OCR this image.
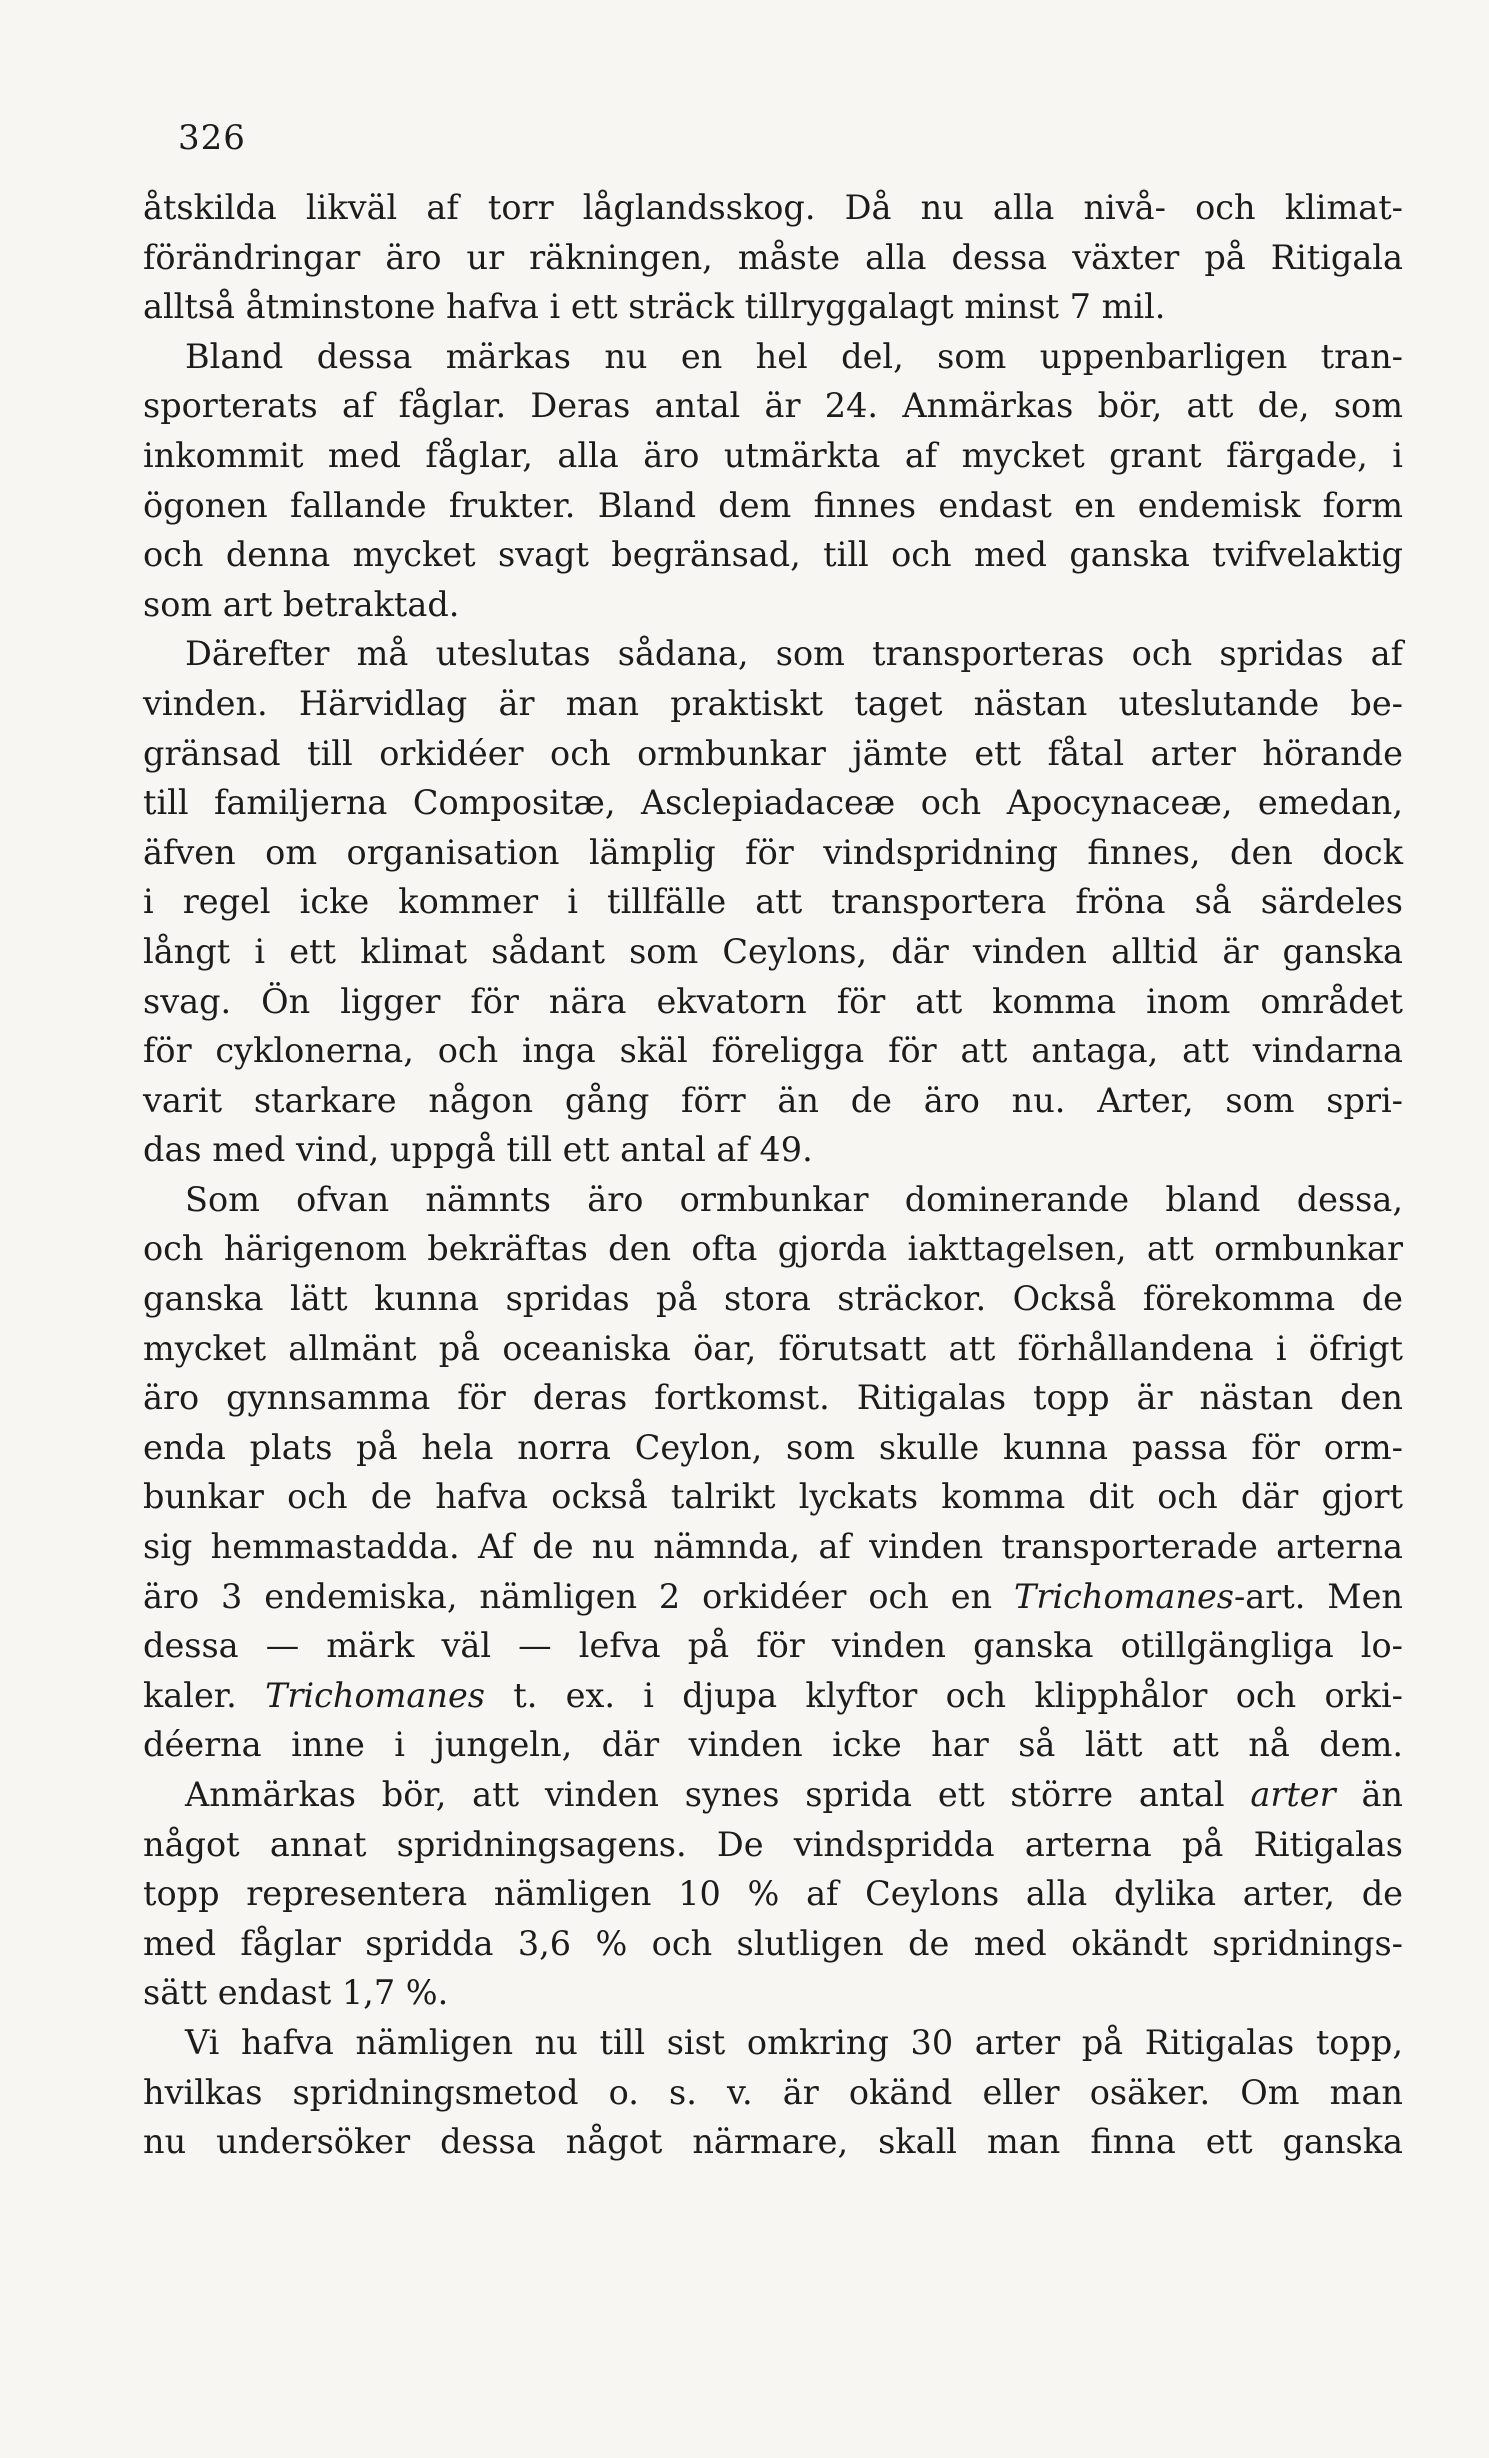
326
åtskilda likväl af torr låglandsskog. Då nu alla nivå- och klimat-
förändringar äro ur räkningen, måste alla dessa växter på Ritigala
alltså åtminstone hafva i ett sträck tillryggalagt minst 7 mil.
Bland dessa märkas nu en hel del, som uppenbarligen tran-
sporterats af fåglar. Deras antal är 24. Anmärkas bör, att de, som
inkommit med fåglar, alla äro utmärkta af mycket grant färgade, i
ögonen fallande frukter. Bland dem finnes endast en endemisk form
och denna mycket svagt begränsad, till och med ganska tvifvelaktig
som art betraktad.
Därefter må uteslutas sådana, som transporteras och spridas af
vinden. Härvidlag är man praktiskt taget nästan uteslutande be-
gränsad till orkidéer och ormbunkar jämte ett fåtal arter hörande
till familjerna Compositæ, Asclepiadaceæ och Apocynaceæ, emedan,
äfven om organisation lämplig för vindspridning finnes, den dock
i regel icke kommer i tillfälle att transportera fröna så särdeles
långt i ett klimat sådant som Ceylons, där vinden alltid är ganska
svag. Ön ligger för nära ekvatorn för att komma inom området
för cyklonerna, och inga skäl föreligga för att antaga, att vindarna
varit starkare någon gång förr än de äro nu. Arter, som spri-
das med vind, uppgå till ett antal af 49.
Som ofvan nämnts äro ormbunkar dominerande bland dessa,
och härigenom bekräftas den ofta gjorda iakttagelsen, att ormbunkar
ganska lätt kunna spridas på stora sträckor. Också förekomma de
mycket allmänt på oceaniska öar, förutsatt att förhållandena i öfrigt
äro gynnsamma för deras fortkomst. Ritigalas topp är nästan den
enda plats på hela norra Ceylon, som skulle kunna passa för orm-
bunkar och de hafva också talrikt lyckats komma dit och där gjort
sig hemmastadda. Af de nu nämnda, af vinden transporterade arterna
äro 3 endemiska, nämligen 2 orkidéer och en Trichomanes-art. Men
dessa — märk väl — lefva på för vinden ganska otillgängliga lo-
kaler. Trichomanes t. ex. i djupa klyftor och klipphålor och orki-
déerna inne i jungeln, där vinden icke har så lätt att nå dem.
Anmärkas bör, att vinden synes sprida ett större antal arter än
något annat spridningsagens. De vindspridda arterna på Ritigalas
topp representera nämligen 10 % af Ceylons alla dylika arter, de
med fåglar spridda 3,6 % och slutligen de med okändt spridnings-
sätt endast 1,7 %.
Vi hafva nämligen nu till sist omkring 30 arter på Ritigalas topp,
hvilkas spridningsmetod o. s. v. är okänd eller osäker. Om man
nu undersöker dessa något närmare, skall man finna ett ganska
